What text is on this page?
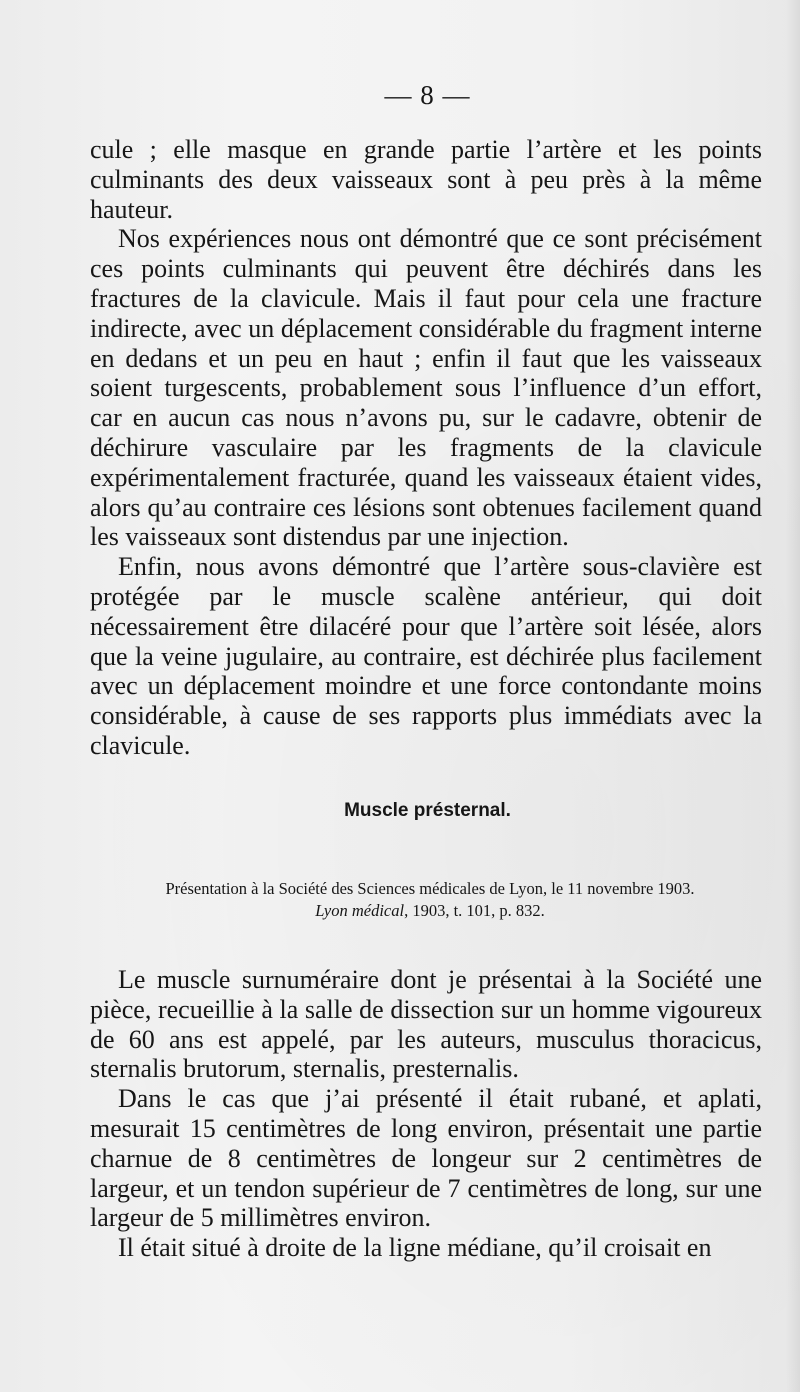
— 8 —

cule ; elle masque en grande partie l’artère et les points culminants des deux vaisseaux sont à peu près à la même hauteur.

Nos expériences nous ont démontré que ce sont précisément ces points culminants qui peuvent être déchirés dans les fractures de la clavicule. Mais il faut pour cela une fracture indirecte, avec un déplacement considérable du fragment interne en dedans et un peu en haut ; enfin il faut que les vaisseaux soient turgescents, probablement sous l’influence d’un effort, car en aucun cas nous n’avons pu, sur le cadavre, obtenir de déchirure vasculaire par les fragments de la clavicule expérimentalement fracturée, quand les vaisseaux étaient vides, alors qu’au contraire ces lésions sont obtenues facilement quand les vaisseaux sont distendus par une injection.

Enfin, nous avons démontré que l’artère sous-clavière est protégée par le muscle scalène antérieur, qui doit nécessairement être dilacéré pour que l’artère soit lésée, alors que la veine jugulaire, au contraire, est déchirée plus facilement avec un déplacement moindre et une force contondante moins considérable, à cause de ses rapports plus immédiats avec la clavicule.

Muscle présternal.
Présentation à la Société des Sciences médicales de Lyon, le 11 novembre 1903.
Lyon médical, 1903, t. 101, p. 832.

Le muscle surnuméraire dont je présentai à la Société une pièce, recueillie à la salle de dissection sur un homme vigoureux de 60 ans est appelé, par les auteurs, musculus thoracicus, sternalis brutorum, sternalis, presternalis.

Dans le cas que j’ai présenté il était rubané, et aplati, mesurait 15 centimètres de long environ, présentait une partie charnue de 8 centimètres de longeur sur 2 centimètres de largeur, et un tendon supérieur de 7 centimètres de long, sur une largeur de 5 millimètres environ.

Il était situé à droite de la ligne médiane, qu’il croisait en
